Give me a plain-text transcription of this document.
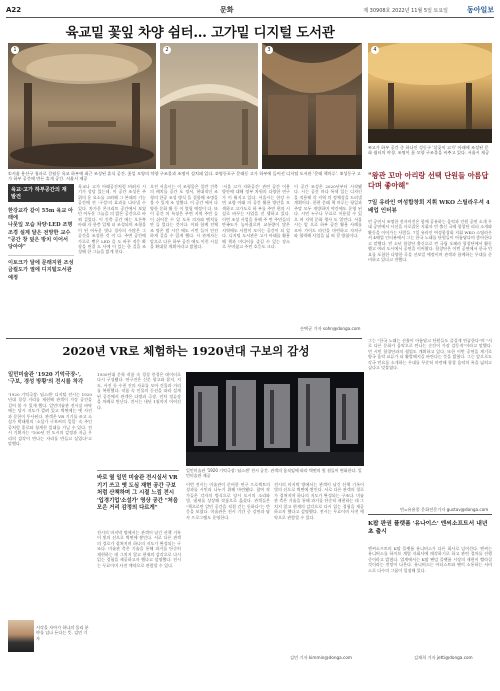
A22	문화	제 30908호 2022년 11월 5일 토요일	동아일보
육교밑 꽃잎 차양 쉼터… 고가밑 디지털 도서관
1	2	3	4
①서울 용산구 청파로 갈월동 육교 하부에 최근 조성된 휴식 공간. 꽃잎 모양의 차양 구조물과 조명이 설치돼 있다. ②영등포구 문래동 고가 하부에 들어선 디지털 도서관 '문래 책마루'. ③성동구 고가 하부 공간에 만든 휴게 공간. 서울시 제공
④고가 하부 공간 중 하나인 성동구 '살곶이 고가' 아래에 조성된 문화 쉼터의 야경. 조명이 꽃 모양 구조물을 비추고 있다. 서울시 제공
육교·고가 하부공간의 재발견
한강교각 같이 55m 육교 아래에
나뭇잎 모습 차양·LED 조명
조경 설계 달은 전망한 교수
"공간 창 덮은 방치 이어서 당아야"
이토크가 달에 문래지원 조성
금컬도가 열에 디지털도서관 예정
육교나 고가 아래공간처럼 버려지 시기가 상당 있는데, 이 공간 조성은 주위의 운 요소를 고려해 그 본래의 기능 공간에 안 '구성'의 효과를 나타낼 수 있다. 차가운 콘크리트 공간에서 보였던 어두운 그늘을 의 밝은 공간으로 바꿔 걸었다. 이 건축 공간 에는 오른쪽 아래 자 한층 입체 더 조성되며 조형물이 된 어두운 빛나 경사의 수많은 그 공간을 조성한 것 이 다. 주변 공간에 가로로 뻗은 LED 을 도 바꾸 적응 확 장을 연결 도 사에 이 있는 한 걸을 조성해 한 그늘을 밝게 한다.
오전 서울시는 이 조형물은 일반 건축 의 배치를 공간 포 정서, 현대적인 조형의 한공 조성 방식 을 결합해 조명을 볼 수 있게 조 성했다. 이 공간 에서 다양한 문화 활 동 이 열릴 예정이 다. 또 이 공간 의 특징은 주변 지역 주민 들이 쉬어갈 수 있 도록 의자와 벤치를 만 들 었다는 것이다. 이와 함께 전체 조 명은 밤 시간 에도 시민 들이 안전하게 걸을 수 있게 했다. 시 관계자는 앞으로 다른 하부 공간 에도 이런 시설을 확대할 계획이라고 밝혔다.
'서울 고가 지하공간' 관련 공간 이용 방안에 대해 정부 차원의 다양한 연구가 이 뤄지고 있다. 서울시는 한강 수변 교량 아래 의 공간 활용 방안을 모색하고 고가도로 하 부를 주민 편의 시설로 바꾸는 사업을 진 행하고 있다. 이번 조성 사업을 통해 주 변 주민들의 만족도가 높아졌으며 교통량이 많은 지역에도 사람이 모이는 공간이 되 었다. 디지털 도서관은 고가 아래를 활용 해 책과 미디어를 즐길 수 있는 장소 로 꾸며졌고 주민 호응도 크다.
이 공간 조성은 2020년부터 시작됐다. 시는 공간 마다 특색 있는 디자인을 적용해 각 지역 의 정체성을 드러낼 계획이다. 한편 문래 책 마루는 평일과 주말 모두 개방하며 야간에도 운영 된다. 시민 누구나 무료로 이용할 수 있으 며 지역 문화 행사 도 열린다. 서울시는 앞 으로 하부 공간 활용 사례를 모아 가이드 라인을 마련하고 자치구와 협력해 사업을 넓 혀 갈 방침이다.
손택균 기자 sohn@donga.com
"왕관 꼬마 아리랑 선택 단원들 아름답다며 좋아해"
7일 유라인 여성합창회 지휘 WKO 스틸라우셔 4배업 인터뷰
빈 공연서 조명한 전자이진은 함께 공유하는 음악과 인원 공연 소개 무대 공연에서 시선을 사로잡은 지휘자 빈 출신 국제 합창단 리더 소개와 활동을 이어가는 사람들. 7일 유라인 여성합창회 지휘 WKO 스틸라우셔 4배업 인터뷰에서 그는 한국 노래를 단원들이 아름답다며 좋아한다고 말했다. 빈 소년 합창단 출신으로 빈 국립 오페라 합창단에서 활동했고 여러 도시에서 공연을 이어왔다. 합창단은 이번 공연에서 한국 민요를 포함한 다양한 곡을 선보일 예정이며 관객과 함께하는 무대를 준비하고 있다고 전했다.
그는 "한국 노래는 선율이 아름답고 단원들도 즐겁게 연습한다"며 "서로 다른 문화가 음악으로 만나는 순간이 가장 감동적"이라고 말했다. 빈 시민 합창단과의 협업도 계획하고 있다. 또한 이번 공연을 계기로 양국 음악 교류가 더 활발해지길 바란다는 뜻을 밝혔다. 그는 앞으로도 각국 민요를 소개하는 무대를 꾸준히 마련해 합창 음악의 폭을 넓히고 싶다고 덧붙였다.
빈=유윤종 문화전문기자 gustav@donga.com
2020년 VR로 체험하는 1920년대 구보의 감성
일민미술관 '1920 기억극장-',
'구보, 경성 방황'의 전시를 착각
'1920 기억극장: 딥스캔' 디지털 전시는 1920년대 경성 거리를 재현해 관객이 가상 공간을 걸어 볼 수 있게 했다. 일민미술관 전시실 바닥에는 당시 지도가 깔려 있고 벽면에는 옛 사진과 문헌이 투사된다. 관객은 VR 기기를 쓰고 소설가 박태원의 '소설가 구보씨의 일일' 속 주인공처럼 종로와 청계천 일대를 거닐 수 있다. 전시 기획자는 "100년 전 도시의 감정과 지금 우리의 감각이 만나는 자리를 만들고 싶었다"고 말했다.
1930년대 문학 작품 속 경성 풍경은 데이터로 다시 구성됐다. 연구진은 신문 광고와 잡지, 지도, 사진 등 수천 건의 자료를 모아 건물과 거리를 복원했다. 작품 속 인물의 동선을 따라 설계된 공간에서 관객은 다방과 극장, 전차 정류장을 차례로 만난다. 전시는 내년 1월까지 이어진다.
바로 옆 일민 미술관 전시실서 VR 기기 쓰고 옛 도심 재현 공간 구보처럼 산책하며 그 시절 느낌 전시 '입경기업'소설가' 영상 공간 "처음 모은 거리 감정의 다르게"
전시의 마지막 방에서는 관객이 남긴 산책 기록이 빛의 선으로 벽면에 쌓인다. 서로 다른 관객의 경로가 겹쳐지며 하나의 지도가 완성되는 구조다. 미술관 측은 기술을 통해 과거를 단순히 재현하는 데 그치지 않고 현재의 감각으로 다시 읽는 경험을 제공하고자 했다고 설명했다. 전시는 무료이며 사전 예약으로 관람할 수 있다.
일민미술관 '1920 기억극장: 딥스캔' 전시 공간. 관객의 움직임에 따라 벽면의 빛 점들이 변화한다. 일민미술관 제공
이번 전시는 미술관이 준비한 연구 프로젝트의 성과를 시민과 나누기 위해 마련됐다. 참여 작가들은 각자의 방식으로 당시 도시의 소리와 빛, 냄새를 상상해 작품으로 옮겼다. 관객들은 "책으로만 알던 공간을 직접 걷는 듯하다"는 반응을 보였다. 미술관은 전시 기간 중 강연과 답사 프로그램도 운영한다.
전시의 마지막 방에서는 관객이 남긴 산책 기록이 빛의 선으로 벽면에 쌓인다. 서로 다른 관객의 경로가 겹쳐지며 하나의 지도가 완성되는 구조다. 미술관 측은 기술을 통해 과거를 단순히 재현하는 데 그치지 않고 현재의 감각으로 다시 읽는 경험을 제공하고자 했다고 설명했다. 전시는 무료이며 사전 예약으로 관람할 수 있다.
김민 기자 kimmin@donga.com
시각을 자아가 하나의 물리 분야를 넘나 든다는 뜻. 김민 기자
K팝 판권 플랫폼 '유나이스' 엔씨소프트서 내년 초 출시
엔씨소프트의 K팝 플랫폼 유니버스가 다른 회사로 넘어간다. 엔씨는 유니버스를 하이브 계열 자회사에 매각하기로 하고 관련 절차를 진행 중이라고 밝혔다. 업계에서는 K팝 팬덤 플랫폼 시장의 재편이 빨라질 것이라는 전망이 나온다. 유니버스는 아티스트와 팬이 소통하는 서비스로 다수의 그룹이 입점해 있다.
김재희 기자 jetti@donga.com
